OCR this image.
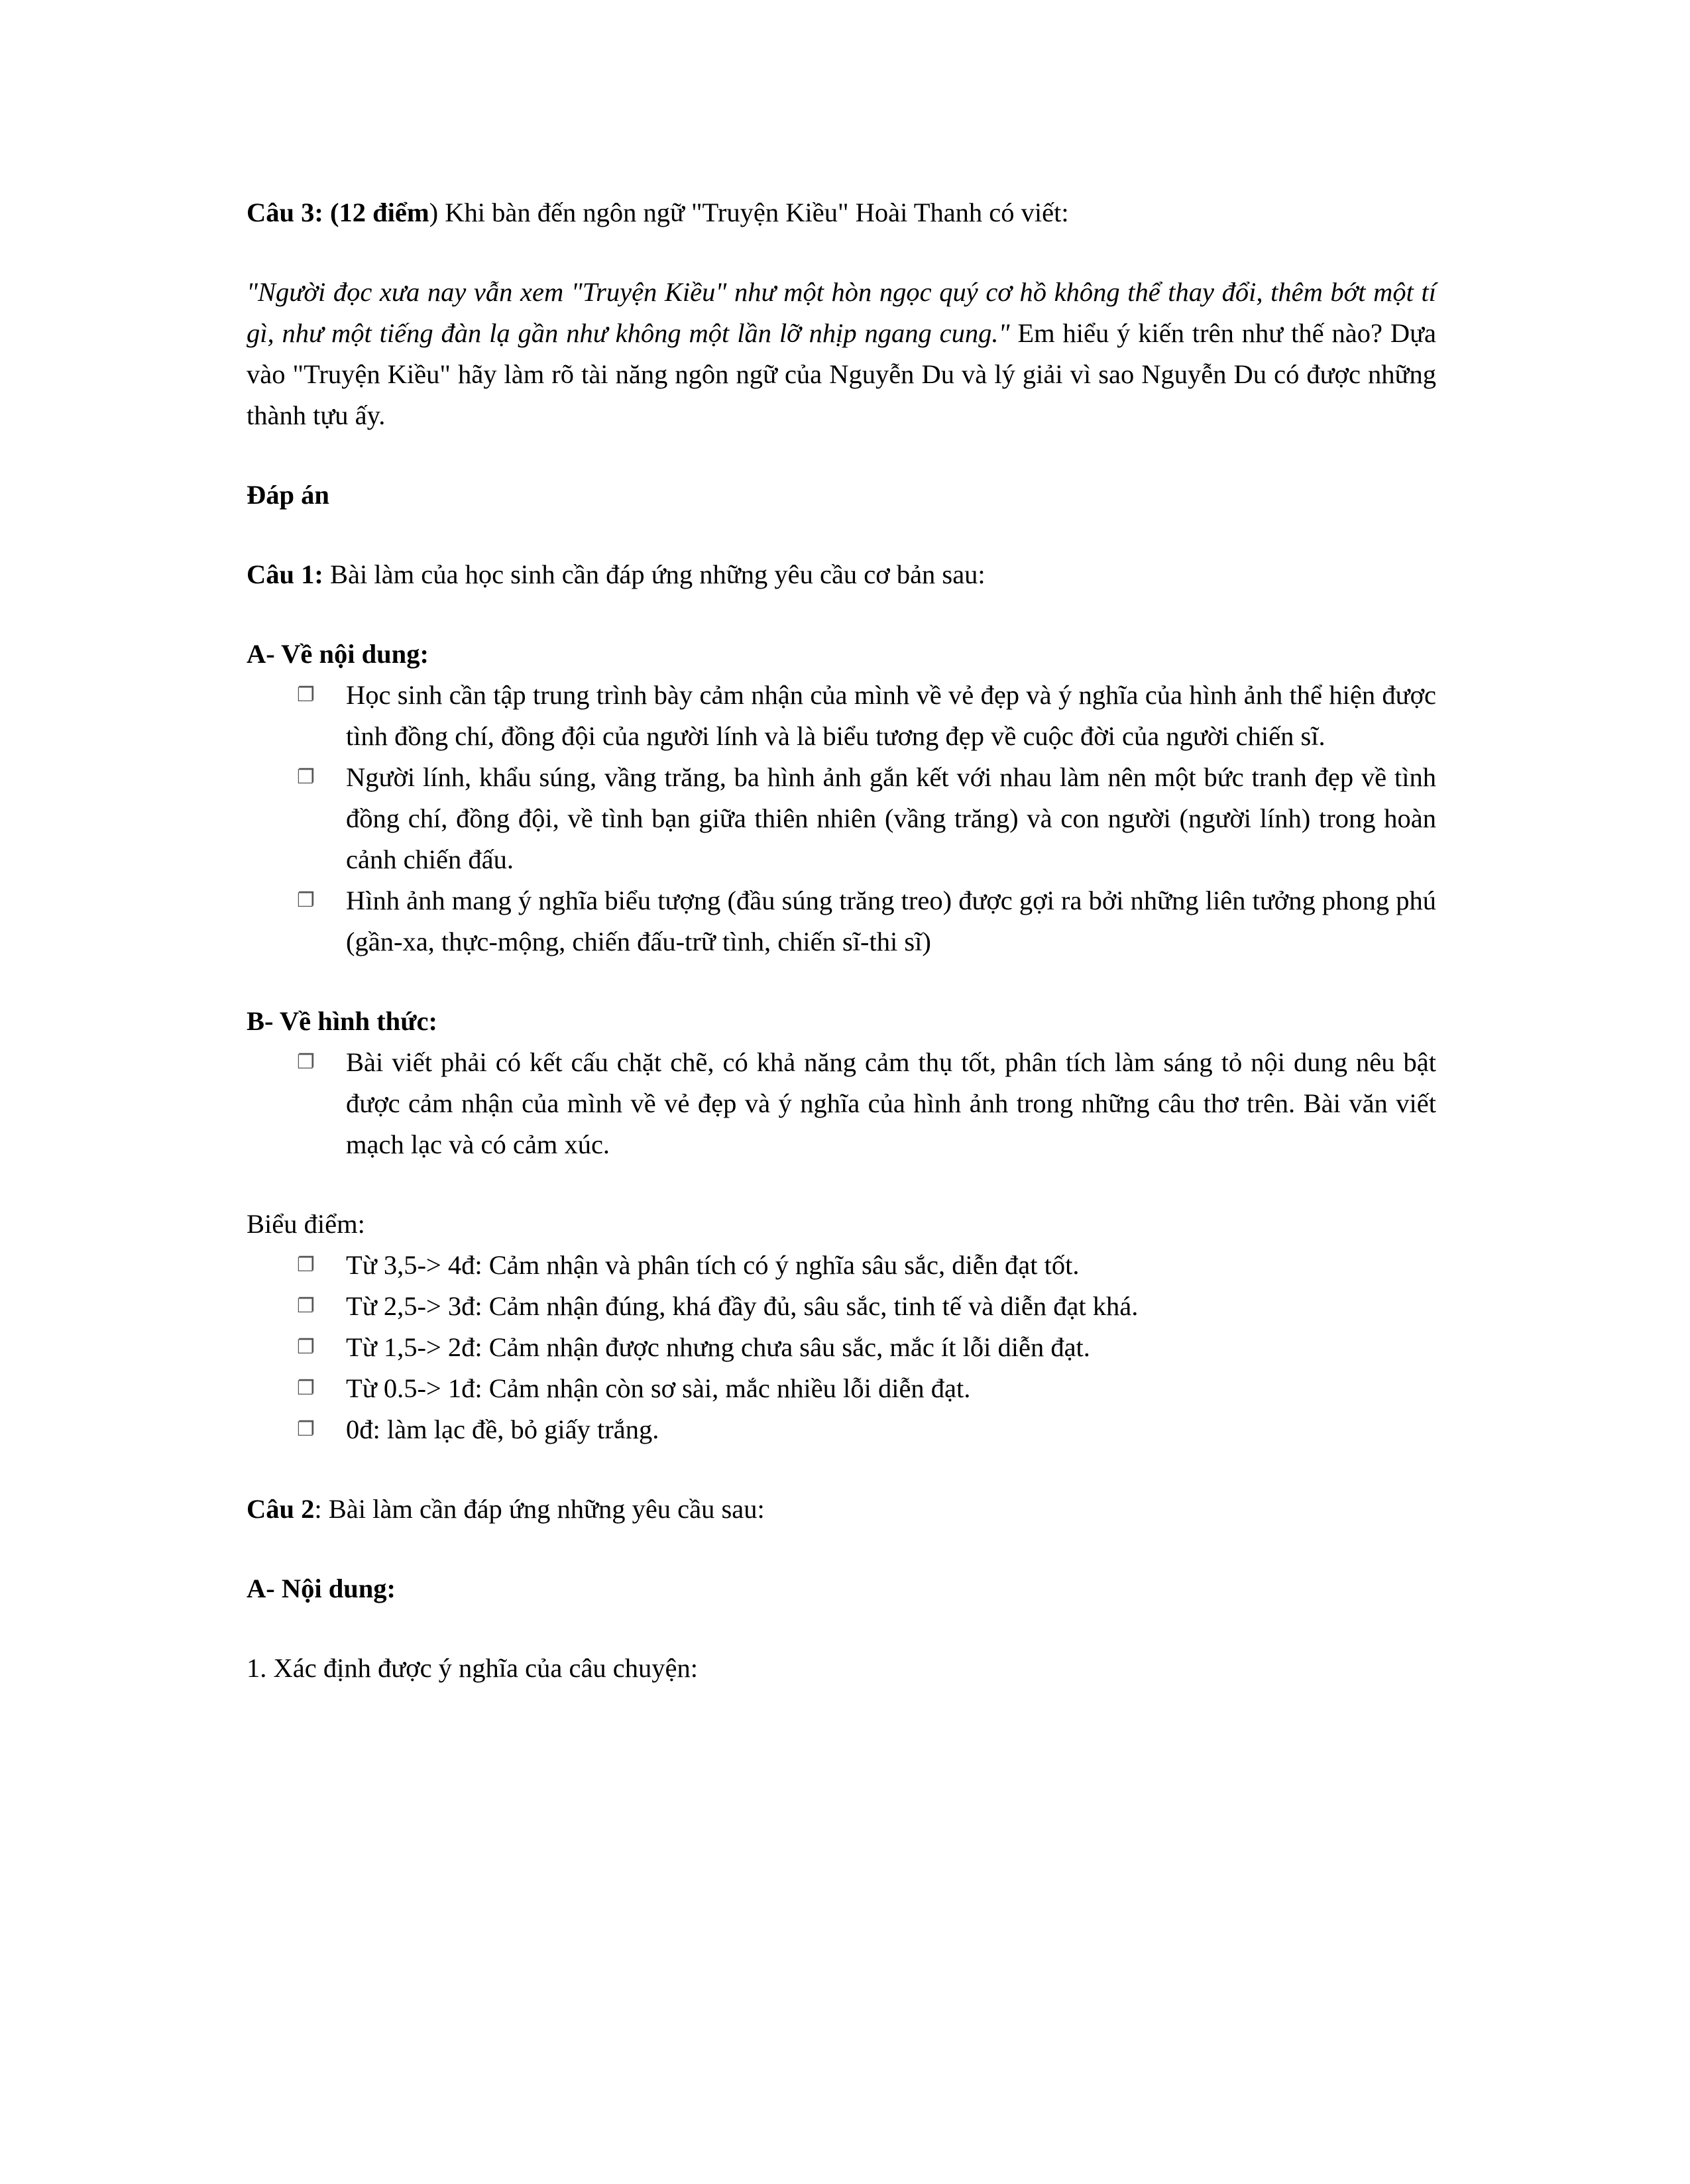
Câu 3: (12 điểm) Khi bàn đến ngôn ngữ "Truyện Kiều" Hoài Thanh có viết:

"Người đọc xưa nay vẫn xem "Truyện Kiều" như một hòn ngọc quý cơ hồ không thể thay đổi, thêm bớt một tí gì, như một tiếng đàn lạ gần như không một lần lỡ nhịp ngang cung." Em hiểu ý kiến trên như thế nào? Dựa vào "Truyện Kiều" hãy làm rõ tài năng ngôn ngữ của Nguyễn Du và lý giải vì sao Nguyễn Du có được những thành tựu ấy.

Đáp án

Câu 1: Bài làm của học sinh cần đáp ứng những yêu cầu cơ bản sau:

A- Về nội dung:

❐ Học sinh cần tập trung trình bày cảm nhận của mình về vẻ đẹp và ý nghĩa của hình ảnh thể hiện được tình đồng chí, đồng đội của người lính và là biểu tương đẹp về cuộc đời của người chiến sĩ.
❐ Người lính, khẩu súng, vầng trăng, ba hình ảnh gắn kết với nhau làm nên một bức tranh đẹp về tình đồng chí, đồng đội, về tình bạn giữa thiên nhiên (vầng trăng) và con người (người lính) trong hoàn cảnh chiến đấu.
❐ Hình ảnh mang ý nghĩa biểu tượng (đầu súng trăng treo) được gợi ra bởi những liên tưởng phong phú (gần-xa, thực-mộng, chiến đấu-trữ tình, chiến sĩ-thi sĩ)

B- Về hình thức:

❐ Bài viết phải có kết cấu chặt chẽ, có khả năng cảm thụ tốt, phân tích làm sáng tỏ nội dung nêu bật được cảm nhận của mình về vẻ đẹp và ý nghĩa của hình ảnh trong những câu thơ trên. Bài văn viết mạch lạc và có cảm xúc.

Biểu điểm:

❐ Từ 3,5-> 4đ: Cảm nhận và phân tích có ý nghĩa sâu sắc, diễn đạt tốt.
❐ Từ 2,5-> 3đ: Cảm nhận đúng, khá đầy đủ, sâu sắc, tinh tế và diễn đạt khá.
❐ Từ 1,5-> 2đ: Cảm nhận được nhưng chưa sâu sắc, mắc ít lỗi diễn đạt.
❐ Từ 0.5-> 1đ: Cảm nhận còn sơ sài, mắc nhiều lỗi diễn đạt.
❐ 0đ: làm lạc đề, bỏ giấy trắng.

Câu 2: Bài làm cần đáp ứng những yêu cầu sau:

A- Nội dung:

1. Xác định được ý nghĩa của câu chuyện:
